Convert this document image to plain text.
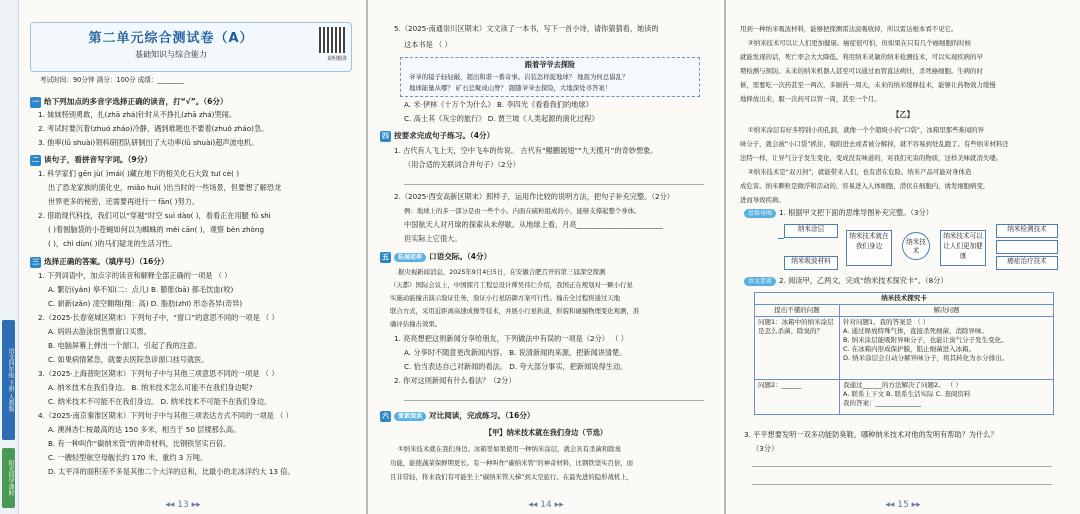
语文四年级 下册 人教版
阳光同学课时
第二单元综合测试卷（A）
基础知识与综合能力	说明精讲
考试时间：90分钟 满分：100分 成绩：________
一 给下列加点的多音字选择正确的读音，打“√”。（6分）
1. 妹妹特别勇敢，扎(zhā zhá)针时从不挣扎(zhā zhá)哭闹。
2. 考试时要沉着(zhuó zháo)冷静，遇到难题也不要着(zhuó zháo)急。
3. 他率(lǜ shuài)领科研团队研制出了大功率(lǜ shuài)超声波电机。
二 读句子，看拼音写字词。（9分）
1. 科学家们 gēn jù( )mái( )藏在地下的相关化石大致 tuī cè( )
出了恐龙家族的演化史，miǎo huì( )出当时的一些场景，但要想了解恐龙
世界更多的秘密，还需要再进行一 fān( )努力。
2. 借助现代科技，我们可以“穿越”时空 suì dào( )，看看正在用腿 fǔ shì
( )着圆脑袋的小苍蝇如何以为蜘蛛的 měi cān( )，观察 bèn zhòng
( )，chì dùn( )的马们疑龙的生活习性。
三 选择正确的答案。（填序号）（16分）
1. 下列词语中，加点字的读音和解释全部正确的一项是 （ ）
A. 繁衍(yǎn) 皋不知(二：点儿) B. 膨胀(bā) 都毛饮血(咬)
C. 崭新(zǎn) 凌空翱翔(翔：高) D. 脂肪(zhī) 形态各异(奇异)
2.（2025·长春宽城区期末）下列句子中，“窗口”的意思不同的一项是 （ ）
A. 妈妈去游泳馆售票窗口买票。
B. 电脑屏幕上弹出一个窗口，引起了我的注意。
C. 如果病情紧急，就要去医院急诊窗口挂号就医。
3.（2025·上海普陀区期末）下列句子中与其他三项意思不同的一项是 （ ）
A. 纳米技术在我们身边。 B. 纳米技术怎么可能不在我们身边呢?
C. 纳米技术不可能不在我们身边。 D. 纳米技术不可能不在我们身边。
4.（2025·南京秦淮区期末）下列句子中与其他三项表达方式不同的一项是 （ ）
A. 澳洲杏仁桉最高的达 150 多米，相当于 50 层楼那么高。
B. 有一种叫作“碳纳米管”的神奇材料，比钢铁坚实百倍。
C. 一艘轻型航空母舰长约 170 米，重约 3 万吨。
D. 太平洋的面积差不多是其他二个大洋的总和，比最小的北冰洋约大 13 倍。
◂◂ 13 ▸▸
5.（2025·南通崇川区期末）文文读了一本书，写下一首小诗，请你猜猜看，她读的
这本书是 （ ）
跟着爷爷去探险
爷爷的镜子轻轻敲，超出和谐一番奇事。岩装怎样捉地球？ 地震为何总猖乱？
地球能量从哪？ 矿石总聚成山脊？ 跟随爷爷去探险，大地深处寻答案！
A. 米·伊林《十万个为什么》 B. 李四光《看看我们的地球》
C. 高士其《灰尘的旅行》 D. 贾兰坡《人类起源的演化过程》
四 按要求完成句子练习。（4分）
1. 古代有人飞上天，空中飞车的传说。 古代有“鲲鹏展翅”“九天揽月”的奇妙想象。
（用合适的关联词合并句子）（2分）
2.（2025·西安高新区期末）照样子，运用作比较的说明方法，把句子补充完整。（2分）
例：地球上的多一部分是由一些个小、内面在硫粒组成的小，能够支撑起整个身体。
中国航天人对月球的探索从未停歇。从地球上看，月亮________________________
但实际上它很大。
五 拓展延伸 口语交际。（4分）
据央视新闻消息，2025年9月4日5日，在安徽合肥召开的第三届深空探测
（天都）国际会议上，中国探月工程总设计师吴伟仁介绍，我国正在规划对一颗小行星
实施动能撞击演示验证任务，验证小行星防御方案可行性。撞击全过程将通过天地
联合方式，采用近距离高速成像等技术，并展小行星轨道，形貌和碰撞物理变化观测，准
确评估撞击效果。
1. 亮亮想把这则新闻分享给朋友，下列做法中有误的一项是（2分） （ ）
A. 分享时不随意更改新闻内容。 B. 说清新闻的来源，把新闻讲清楚。
C. 恰当表达自己对新闻的看法。 D. 夸大部分事实，把新闻说得生动。
2. 你对这则新闻有什么看法？（2分）
六 要素阅读 对比阅读，完成练习。（16分）
【甲】纳米技术就在我们身边（节选）
①纳米技术就在我们身边。冰箱里如果使用一种纳米涂层，就会具有杀菌和除臭
功能，能使蔬菜保鲜期更长。有一种叫作“碳纳米管”的神奇材料，比钢铁坚实百倍，而
且非常轻，将来我们有可能坐上“碳纳米管天梯”到太空旅行。在最先进的隐形战机上，
◂◂ 14 ▸▸
用到一种纳米吸波材料，能够把探测雷达波吸收掉，所以雷达根本看不见它。
②纳米技术可以让人们更加健康。癌症很可怕，但如果在只有几个癌细胞的时候
就能发现的话，死亡率会大大降低。利用纳米灵敏的纳米检测技术，可以实现疾病的早
期检测与预防。未来的纳米机器人甚至可以通过血管直达病灶，杀死癌细胞。生病的时
候，需要吃一次药甚至一两次，多耐药一周天，未来的纳米缓释技术，能够让药物效力缓慢
地释放出来，服一次药可以管一周，甚至一个月。
【乙】
①纳米涂层有好多特别小的孔洞，就像一个个超级小的“口袋”，冰箱里那些难闻的异
味分子，就会被“小口袋”抓住，吸附进去或者被分解掉，就不容易到处乱跑了。有些纳米材料还
法特一样，让异气分子发生变化，变成没有味道的，对我们无害的物质，这样美味就消失喽。
②纳米技术是“双刃剑”，就能带来人们，也有潜在危险。纳米产品可能对身体造
成危害。纳米颗粒是微浮和活动的，容易进入人体细胞，潜伏在细胞内，诱发细胞病变，
进而导致疾病。
思维导图 1. 根据甲文把下面的思维导图补充完整。（3分）
纳米涂层
纳米吸波材料
纳米技术就在我们身边	纳米技术
纳米技术可以让人们更加健康
纳米检测技术
癌症治疗技术
语文要素 2. 阅读甲，乙两文，完成“纳米技术探究卡”。（8分）
纳米技术探究卡	
提出不懂的问题	解决问题
问题1：冰箱中的纳米涂层是怎么杀菌、除臭的？	针对问题1，我的答案是 （ ）
A. 通过释放特殊气体，直接杀死细菌、消除异味。
B. 纳米涂层能吸附异味分子，也能让臭气分子发生变化。
C. 在冰箱内形成保护膜，阻止细菌进入冰箱。
D. 纳米涂层会自动分解异味分子，将其转化为水分排出。

问题2：______	我通过______的方法解决了问题2。 （ ）
A. 联系上下文 B. 联系生活实际 C. 查阅资料
我的答案：______________
3. 平平想要发明一双多功能防臭鞋，哪种纳米技术对他的发明有帮助？为什么？
（3分）
◂◂ 15 ▸▸
